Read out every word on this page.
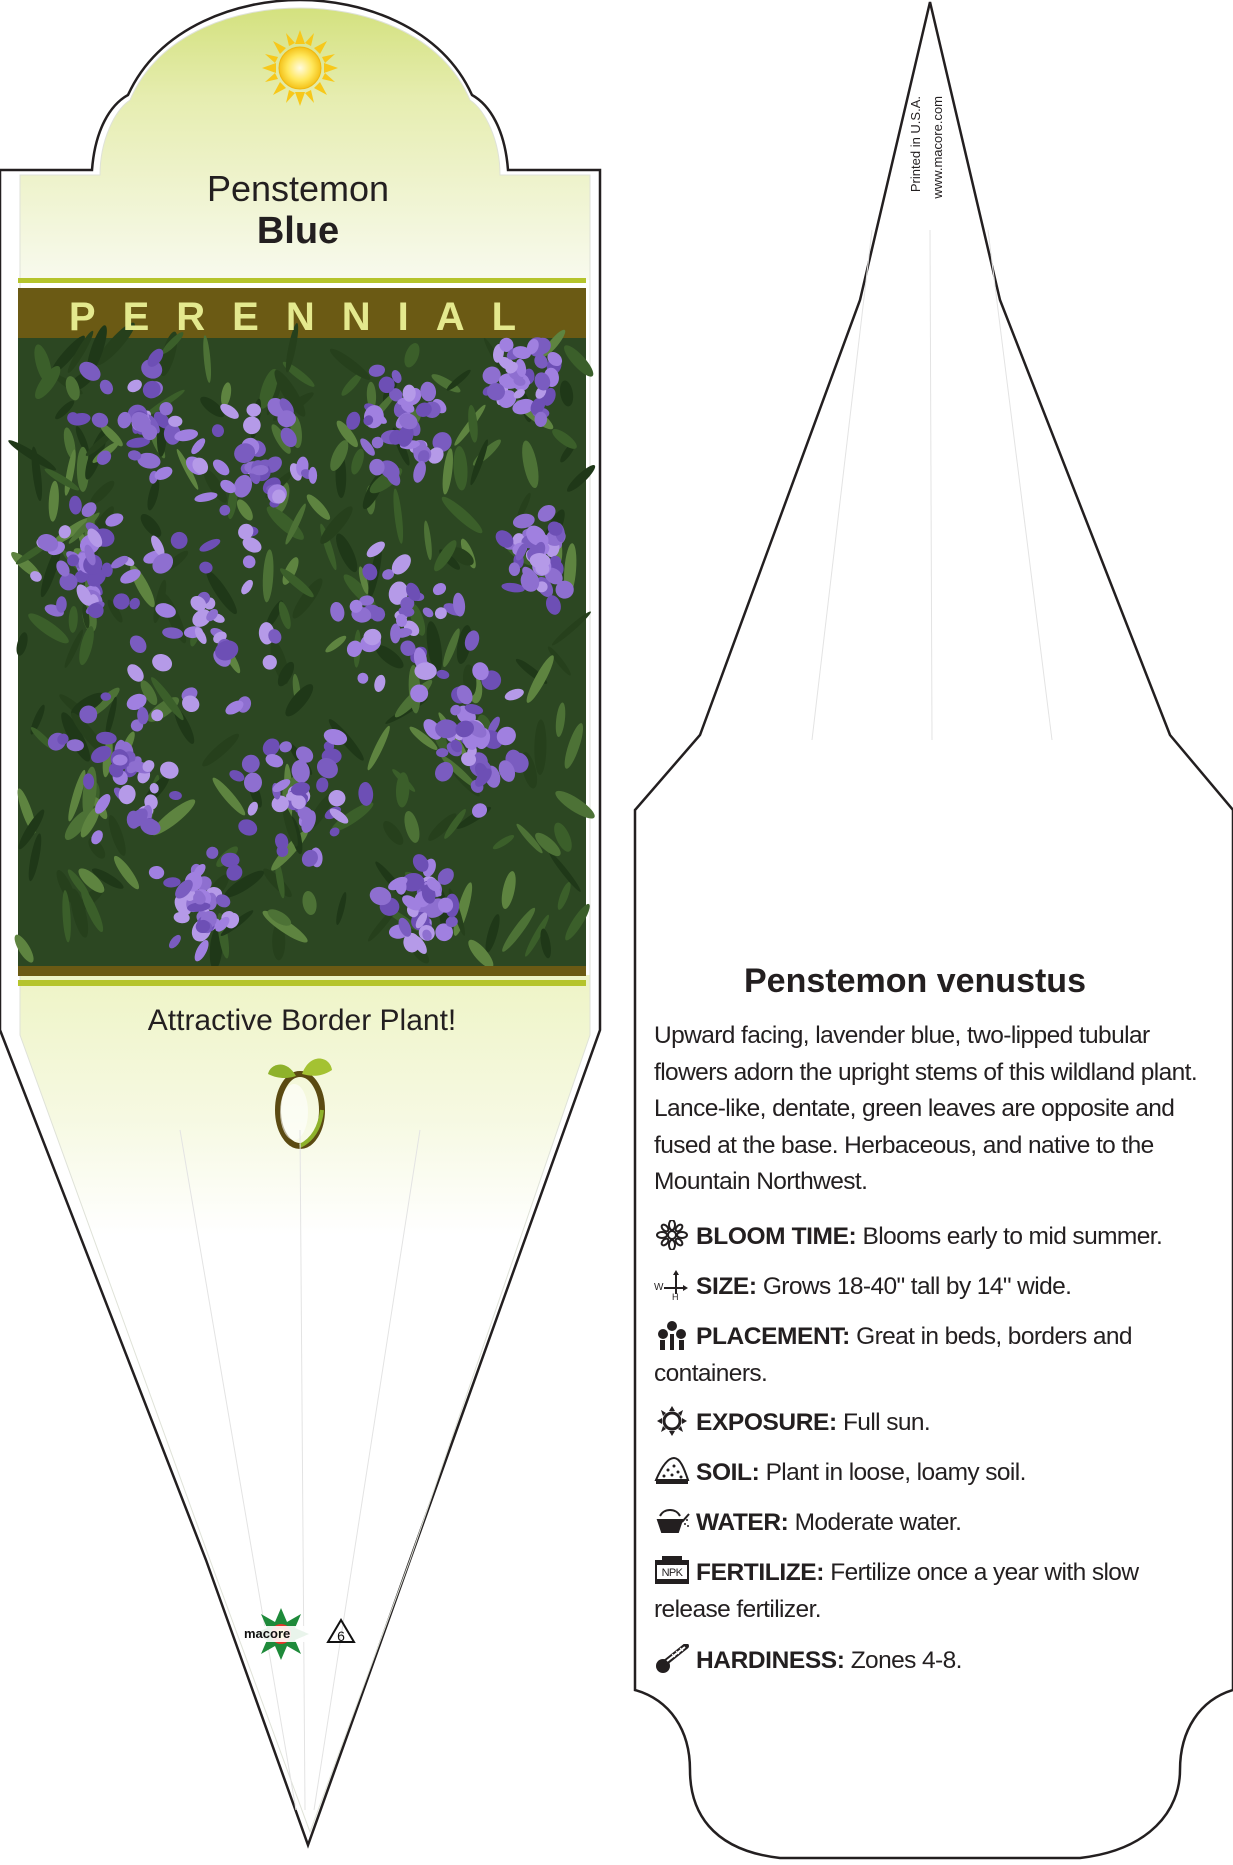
Penstemon
Blue
PERENNIAL
Attractive Border Plant!
macore	6
Printed in U.S.A. www.macore.com
Penstemon venustus
Upward facing, lavender blue, two-lipped tubular flowers adorn the upright stems of this wildland plant. Lance-like, dentate, green leaves are opposite and fused at the base. Herbaceous, and native to the Mountain Northwest.
BLOOM TIME: Blooms early to mid summer.
W
H SIZE: Grows 18-40" tall by 14" wide.
PLACEMENT: Great in beds, borders and containers.
EXPOSURE: Full sun.
SOIL: Plant in loose, loamy soil.
WATER: Moderate water.
NPK FERTILIZE: Fertilize once a year with slow release fertilizer.
HARDINESS: Zones 4-8.
